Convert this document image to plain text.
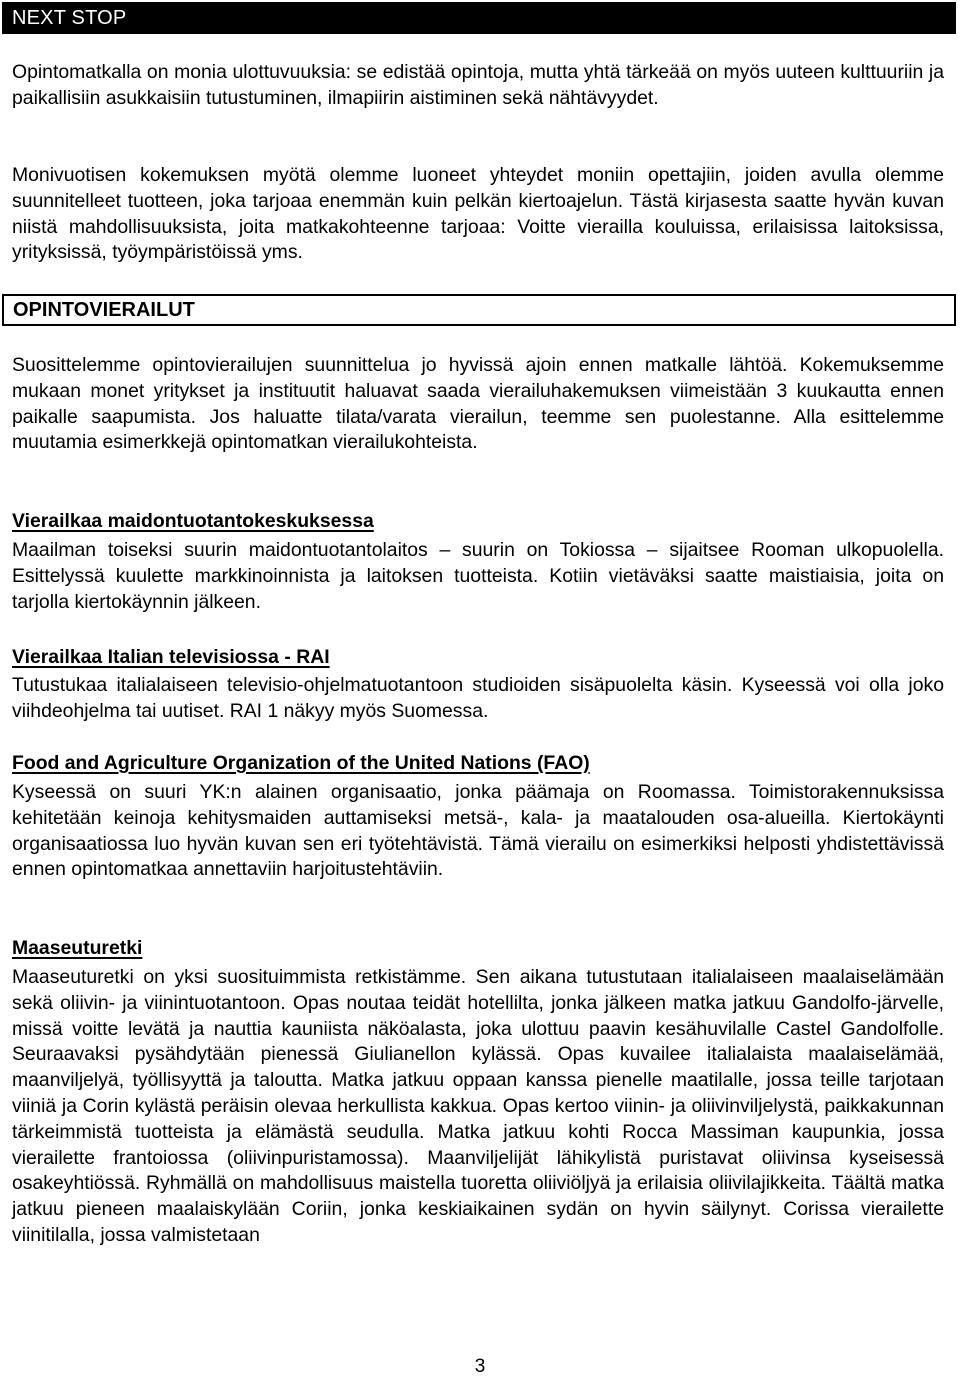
NEXT STOP

Opintomatkalla on monia ulottuvuuksia: se edistää opintoja, mutta yhtä tärkeää on myös uuteen kulttuuriin ja paikallisiin asukkaisiin tutustuminen, ilmapiirin aistiminen sekä nähtävyydet.

Monivuotisen kokemuksen myötä olemme luoneet yhteydet moniin opettajiin, joiden avulla olemme suunnitelleet tuotteen, joka tarjoaa enemmän kuin pelkän kiertoajelun. Tästä kirjasesta saatte hyvän kuvan niistä mahdollisuuksista, joita matkakohteenne tarjoaa: Voitte vierailla kouluissa, erilaisissa laitoksissa, yrityksissä, työympäristöissä yms.

OPINTOVIERAILUT

Suosittelemme opintovierailujen suunnittelua jo hyvissä ajoin ennen matkalle lähtöä. Kokemuksemme mukaan monet yritykset ja instituutit haluavat saada vierailuhakemuksen viimeistään 3 kuukautta ennen paikalle saapumista. Jos haluatte tilata/varata vierailun, teemme sen puolestanne. Alla esittelemme muutamia esimerkkejä opintomatkan vierailukohteista.

Vierailkaa maidontuotantokeskuksessa

Maailman toiseksi suurin maidontuotantolaitos – suurin on Tokiossa – sijaitsee Rooman ulkopuolella. Esittelyssä kuulette markkinoinnista ja laitoksen tuotteista. Kotiin vietäväksi saatte maistiaisia, joita on tarjolla kiertokäynnin jälkeen.

Vierailkaa Italian televisiossa - RAI

Tutustukaa italialaiseen televisio-ohjelmatuotantoon studioiden sisäpuolelta käsin. Kyseessä voi olla joko viihdeohjelma tai uutiset. RAI 1 näkyy myös Suomessa.

Food and Agriculture Organization of the United Nations (FAO)

Kyseessä on suuri YK:n alainen organisaatio, jonka päämaja on Roomassa. Toimistorakennuksissa kehitetään keinoja kehitysmaiden auttamiseksi metsä-, kala- ja maatalouden osa-alueilla. Kiertokäynti organisaatiossa luo hyvän kuvan sen eri työtehtävistä. Tämä vierailu on esimerkiksi helposti yhdistettävissä ennen opintomatkaa annettaviin harjoitustehtäviin.

Maaseuturetki

Maaseuturetki on yksi suosituimmista retkistämme. Sen aikana tutustutaan italialaiseen maalaiselämään sekä oliivin- ja viinintuotantoon. Opas noutaa teidät hotellilta, jonka jälkeen matka jatkuu Gandolfo-järvelle, missä voitte levätä ja nauttia kauniista näköalasta, joka ulottuu paavin kesähuvilalle Castel Gandolfolle. Seuraavaksi pysähdytään pienessä Giulianellon kylässä. Opas kuvailee italialaista maalaiselämää, maanviljelyä, työllisyyttä ja taloutta. Matka jatkuu oppaan kanssa pienelle maatilalle, jossa teille tarjotaan viiniä ja Corin kylästä peräisin olevaa herkullista kakkua. Opas kertoo viinin- ja oliivinviljelystä, paikkakunnan tärkeimmistä tuotteista ja elämästä seudulla. Matka jatkuu kohti Rocca Massiman kaupunkia, jossa vierailette frantoiossa (oliivinpuristamossa). Maanviljelijät lähikylistä puristavat oliivinsa kyseisessä osakeyhtiössä. Ryhmällä on mahdollisuus maistella tuoretta oliiviöljyä ja erilaisia oliivilajikkeita. Täältä matka jatkuu pieneen maalaiskylään Coriin, jonka keskiaikainen sydän on hyvin säilynyt. Corissa vierailette viinitilalla, jossa valmistetaan

3
